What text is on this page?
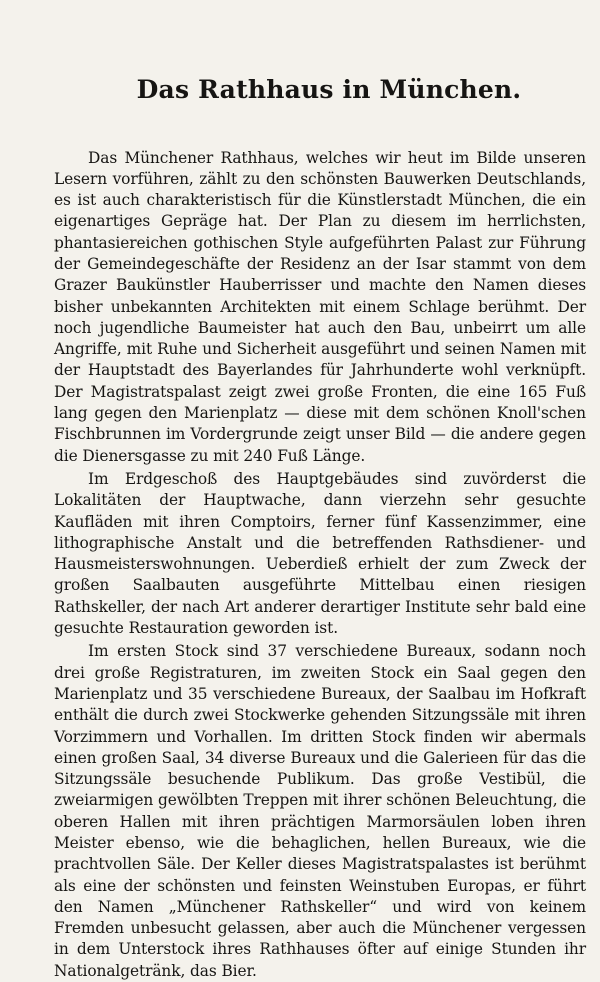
Das Rathhaus in München.

Das Münchener Rathhaus, welches wir heut im Bilde unseren Lesern vorführen, zählt zu den schönsten Bauwerken Deutschlands, es ist auch charakteristisch für die Künstlerstadt München, die ein eigenartiges Gepräge hat. Der Plan zu diesem im herrlichsten, phantasiereichen gothischen Style aufgeführten Palast zur Führung der Gemeindegeschäfte der Residenz an der Isar stammt von dem Grazer Baukünstler Hauberrisser und machte den Namen dieses bisher unbekannten Architekten mit einem Schlage berühmt. Der noch jugendliche Baumeister hat auch den Bau, unbeirrt um alle Angriffe, mit Ruhe und Sicherheit ausgeführt und seinen Namen mit der Hauptstadt des Bayerlandes für Jahrhunderte wohl verknüpft. Der Magistratspalast zeigt zwei große Fronten, die eine 165 Fuß lang gegen den Marienplatz — diese mit dem schönen Knoll'schen Fischbrunnen im Vordergrunde zeigt unser Bild — die andere gegen die Dienersgasse zu mit 240 Fuß Länge.

Im Erdgeschoß des Hauptgebäudes sind zuvörderst die Lokalitäten der Hauptwache, dann vierzehn sehr gesuchte Kaufläden mit ihren Comptoirs, ferner fünf Kassenzimmer, eine lithographische Anstalt und die betreffenden Rathsdiener- und Hausmeisterswohnungen. Ueberdieß erhielt der zum Zweck der großen Saalbauten ausgeführte Mittelbau einen riesigen Rathskeller, der nach Art anderer derartiger Institute sehr bald eine gesuchte Restauration geworden ist.

Im ersten Stock sind 37 verschiedene Bureaux, sodann noch drei große Registraturen, im zweiten Stock ein Saal gegen den Marienplatz und 35 verschiedene Bureaux, der Saalbau im Hofkraft enthält die durch zwei Stockwerke gehenden Sitzungssäle mit ihren Vorzimmern und Vorhallen. Im dritten Stock finden wir abermals einen großen Saal, 34 diverse Bureaux und die Galerieen für das die Sitzungssäle besuchende Publikum. Das große Vestibül, die zweiarmigen gewölbten Treppen mit ihrer schönen Beleuchtung, die oberen Hallen mit ihren prächtigen Marmorsäulen loben ihren Meister ebenso, wie die behaglichen, hellen Bureaux, wie die prachtvollen Säle. Der Keller dieses Magistratspalastes ist berühmt als eine der schönsten und feinsten Weinstuben Europas, er führt den Namen „Münchener Rathskeller“ und wird von keinem Fremden unbesucht gelassen, aber auch die Münchener vergessen in dem Unterstock ihres Rathhauses öfter auf einige Stunden ihr Nationalgetränk, das Bier.
